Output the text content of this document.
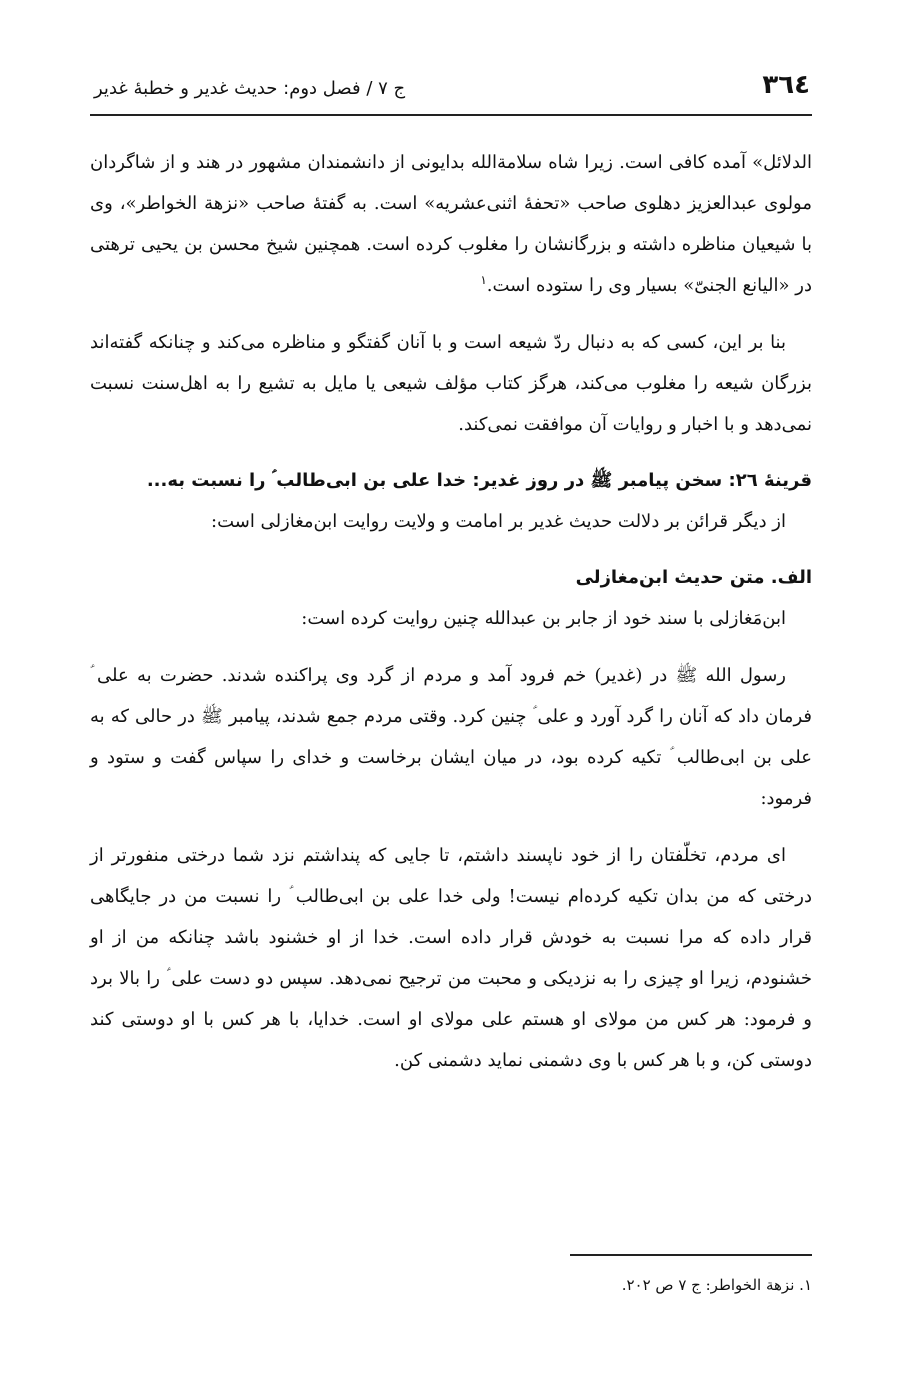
٣٦٤
ج ۷ / فصل دوم: حدیث غدیر و خطبۀ غدیر

الدلائل» آمده کافی است. زیرا شاه سلامة‌الله بدایونی از دانشمندان مشهور در هند و از شاگردان مولوی عبدالعزیز دهلوی صاحب «تحفۀ اثنی‌عشریه» است. به گفتۀ صاحب «نزهة الخواطر»، وی با شیعیان مناظره داشته و بزرگانشان را مغلوب کرده است. همچنین شیخ محسن بن یحیی ترهتی در «الیانع الجنیّ» بسیار وی را ستوده است.$^١$

بنا بر این، کسی که به دنبال ردّ شیعه است و با آنان گفتگو و مناظره می‌کند و چنانکه گفته‌اند بزرگان شیعه را مغلوب می‌کند، هرگز کتاب مؤلف شیعی یا مایل به تشیع را به اهل‌سنت نسبت نمی‌دهد و با اخبار و روایات آن موافقت نمی‌کند.

قرینۀ ٢٦: سخن پیامبر ﷺ در روز غدیر: خدا علی بن ابی‌طالب ؑ را نسبت به...

از دیگر قرائن بر دلالت حدیث غدیر بر امامت و ولایت روایت ابن‌مغازلی است:

الف. متن حدیث ابن‌مغازلی

ابن‌مَغازلی با سند خود از جابر بن عبدالله چنین روایت کرده است:

رسول الله ﷺ در (غدیر) خم فرود آمد و مردم از گرد وی پراکنده شدند. حضرت به علی ؑ فرمان داد که آنان را گرد آورد و علی ؑ چنین کرد. وقتی مردم جمع شدند، پیامبر ﷺ در حالی که به علی بن ابی‌طالب ؑ تکیه کرده بود، در میان ایشان برخاست و خدای را سپاس گفت و ستود و فرمود:

ای مردم، تخلّفتان را از خود ناپسند داشتم، تا جایی که پنداشتم نزد شما درختی منفورتر از درختی که من بدان تکیه کرده‌ام نیست! ولی خدا علی بن ابی‌طالب ؑ را نسبت من در جایگاهی قرار داده که مرا نسبت به خودش قرار داده است. خدا از او خشنود باشد چنانکه من از او خشنودم، زیرا او چیزی را به نزدیکی و محبت من ترجیح نمی‌دهد. سپس دو دست علی ؑ را بالا برد و فرمود: هر کس من مولای او هستم علی مولای او است. خدایا، با هر کس با او دوستی کند دوستی کن، و با هر کس با وی دشمنی نماید دشمنی کن.

١. نزهة الخواطر: ج ٧ ص ٢٠٢.
